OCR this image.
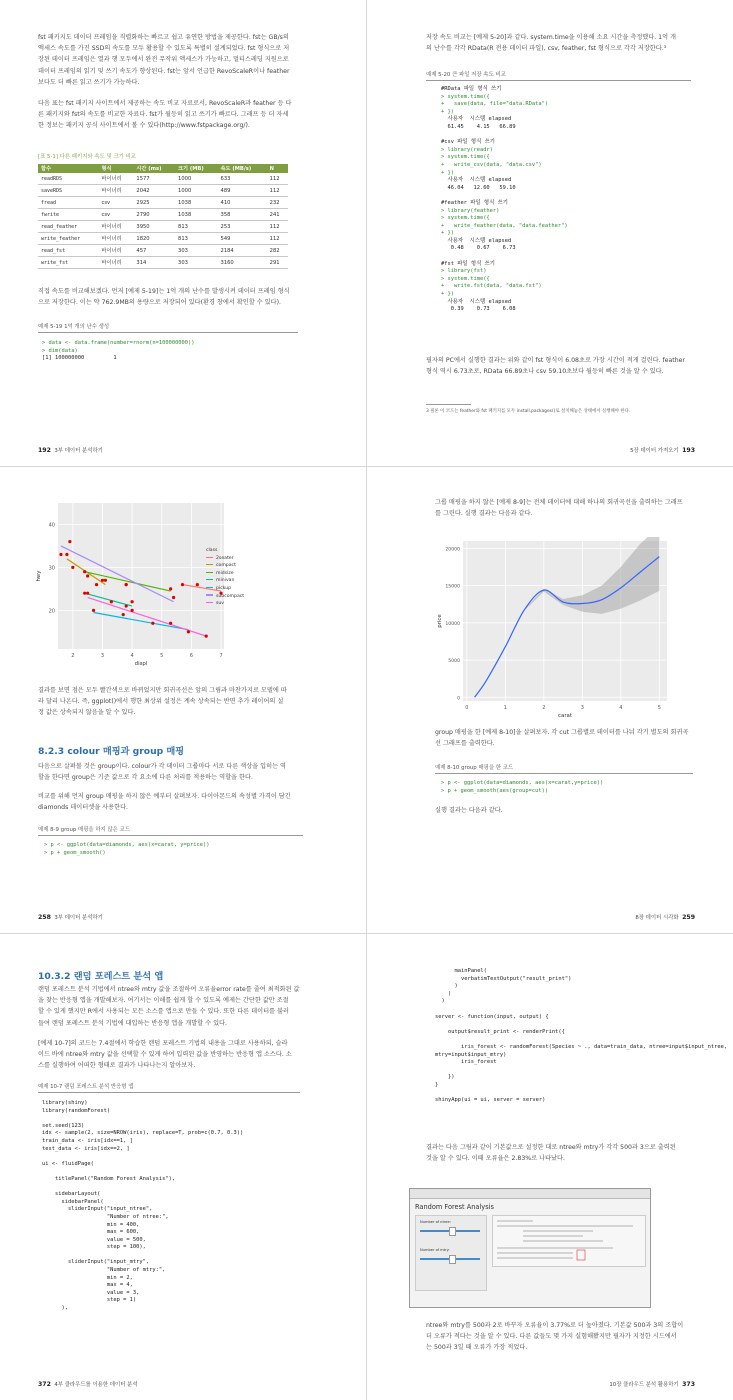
fst 패키지도 데이터 프레임을 직렬화하는 빠르고 쉽고 유연한 방법을 제공한다. fst는 GB/s의
액세스 속도를 가진 SSD의 속도를 모두 활용할 수 있도록 특별히 설계되었다. fst 형식으로 저
장된 데이터 프레임은 열과 행 모두에서 완전 무작위 액세스가 가능하고, 멀티스레딩 지원으로
데이터 프레임의 읽기 및 쓰기 속도가 향상된다. fst는 앞서 언급한 RevoScaleR이나 feather
보다도 더 빠른 읽고 쓰기가 가능하다.
다음 표는 fst 패키지 사이트에서 제공하는 속도 비교 자료로서, RevoScaleR과 feather 등 다
른 패키지와 fst의 속도를 비교한 자료다. fst가 월등히 읽고 쓰기가 빠르다. 그래프 등 더 자세
한 정보는 패키지 공식 사이트에서 볼 수 있다(http://www.fstpackage.org/).
[표 5-1] 다른 패키지와 속도 및 크기 비교
함수	형식	시간 (ms)	크기 (MB)	속도 (MB/s)	N
readRDS	바이너리	1577	1000	633	112
saveRDS	바이너리	2042	1000	489	112
fread	csv	2925	1038	410	232
fwrite	csv	2790	1038	358	241
read_feather	바이너리	3950	813	253	112
write_feather	바이너리	1820	813	549	112
read_fst	바이너리	457	303	2184	282
write_fst	바이너리	314	303	3160	291
직접 속도를 비교해보겠다. 먼저 [예제 5-19]는 1억 개의 난수를 발생시켜 데이터 프레임 형식
으로 저장한다. 이는 약 762.9MB의 용량으로 저장되어 있다(환경 창에서 확인할 수 있다).
예제 5-19 1억 개의 난수 생성
> data <- data.frame(number=rnorm(n=100000000))
> dim(data)
[1] 100000000         1
192 3부 데이터 분석하기
저장 속도 비교는 [예제 5-20]과 같다. system.time을 이용해 소요 시간을 측정했다. 1억 개
의 난수를 각각 RData(R 전용 데이터 파일), csv, feather, fst 형식으로 각각 저장한다.³
예제 5-20 큰 파일 저장 속도 비교
#RData 파일 형식 쓰기
> system.time({
+   save(data, file="data.RData")
+ })
사용자  시스템 elapsed
61.45    4.15   66.89

#csv 파일 형식 쓰기
> library(readr)
> system.time({
+   write_csv(data, "data.csv")
+ })
사용자  시스템 elapsed
46.04   12.60   59.10

#feather 파일 형식 쓰기
> library(feather)
> system.time({
+   write_feather(data, "data.feather")
+ })
사용자  시스템 elapsed
0.48    0.67    6.73

#fst 파일 형식 쓰기
> library(fst)
> system.time({
+   write.fst(data, "data.fst")
+ })
사용자  시스템 elapsed
0.39    0.73    6.08
필자의 PC에서 실행한 결과는 위와 같이 fst 형식이 6.08초로 가장 시간이 적게 걸린다. feather
형식 역시 6.73초로, RData 66.89초나 csv 59.10초보다 월등히 빠른 것을 알 수 있다.
3 필론 이 코드는 feather와 fst 패키지를 모두 install.packages()로 설치해놓은 상태에서 실행해야 한다.
5장 데이터 가져오기 193
2	3	4	5	6	7
20
30
40
displ
hwy
class
2seater
compact
midsize
minivan
pickup
subcompact
suv
결과를 보면 점은 모두 빨간색으로 바뀌었지만 회귀곡선은 앞의 그림과 마찬가지로 모델에 따
라 달리 나온다. 즉, ggplot()에서 행한 최상위 설정은 계속 상속되는 반면 추가 레이어의 설
정 값은 상속되지 않음을 알 수 있다.
8.2.3 colour 매핑과 group 매핑
다음으로 살펴볼 것은 group이다. colour가 각 데이터 그룹마다 서로 다른 색상을 입히는 역
할을 한다면 group은 기준 값으로 각 요소에 다른 처리를 적용하는 역할을 한다.
비교를 위해 먼저 group 매핑을 하지 않은 예부터 살펴보자. 다이아몬드의 속성별 가격이 담긴
diamonds 데이터셋을 사용한다.
예제 8-9 group 매핑을 하지 않은 코드
> p <- ggplot(data=diamonds, aes(x=carat, y=price))
> p + geom_smooth()
258 3부 데이터 분석하기
그룹 매핑을 하지 않은 [예제 8-9]는 전체 데이터에 대해 하나의 회귀곡선을 출력하는 그래프
를 그린다. 실행 결과는 다음과 같다.
0	1	2	3	4	5
0
5000
10000
15000
20000
carat
price
group 매핑을 한 [예제 8-10]을 살펴보자. 각 cut 그룹별로 데이터를 나눠 각기 별도의 회귀곡
선 그래프를 출력한다.
예제 8-10 group 매핑을 한 코드
> p <- ggplot(data=diamonds, aes(x=carat,y=price))
> p + geom_smooth(aes(group=cut))
실행 결과는 다음과 같다.
8장 데이터 시각화 259
10.3.2 랜덤 포레스트 분석 앱
랜덤 포레스트 분석 기법에서 ntree와 mtry 값을 조절하여 오류율error rate를 줄여 최적화된 값
을 찾는 반응형 앱을 개발해보자. 여기서는 이해를 쉽게 할 수 있도록 예제는 간단한 값만 조절
할 수 있게 했지만 R에서 사용되는 모든 소스를 앱으로 만들 수 있다. 또한 다른 데이터를 불러
들여 랜덤 포레스트 분석 기법에 대입하는 반응형 앱을 개발할 수 있다.
[예제 10-7]의 코드는 7.4절에서 학습한 랜덤 포레스트 기법의 내용을 그대로 사용하되, 슬라
이드 바에 ntree와 mtry 값을 선택할 수 있게 하여 입력된 값을 반영하는 반응형 앱 소스다. 소
스를 실행하여 어떠한 형태로 결과가 나타나는지 알아보자.
예제 10-7 랜덤 포레스트 분석 반응형 앱
library(shiny)
library(randomForest)

set.seed(123)
idx <- sample(2, size=NROW(iris), replace=T, prob=c(0.7, 0.3))
train_data <- iris[idx==1, ]
test_data <- iris[idx==2, ]

ui <- fluidPage(

titlePanel("Random Forest Analysis"),

sidebarLayout(
sidebarPanel(
sliderInput("input_ntree",
"Number of ntree:",
min = 400,
max = 600,
value = 500,
step = 100),

sliderInput("input_mtry",
"Number of mtry:",
min = 2,
max = 4,
value = 3,
step = 1)
),
372 4부 클라우드를 이용한 데이터 분석
mainPanel(
verbatimTextOutput("result_print")
)
)
)

server <- function(input, output) {

output$result_print <- renderPrint({

iris_forest <- randomForest(Species ~ ., data=train_data, ntree=input$input_ntree,
mtry=input$input_mtry)
iris_forest

})
}

shinyApp(ui = ui, server = server)
결과는 다음 그림과 같이 기본값으로 설정한 대로 ntree와 mtry가 각각 500과 3으로 출력된
것을 알 수 있다. 이때 오류율은 2.83%로 나타났다.
Random Forest Analysis
Number of ntree:
Number of mtry:
ntree와 mtry를 500과 2로 바꾸자 오류율이 3.77%로 더 높아졌다. 기본값 500과 3의 조합이
더 오류가 적다는 것을 알 수 있다. 다른 값들도 몇 가지 실험해봤지만 필자가 지정한 시드에서
는 500과 3일 때 오류가 가장 적었다.
10장 클라우드 분석 활용하기 373
